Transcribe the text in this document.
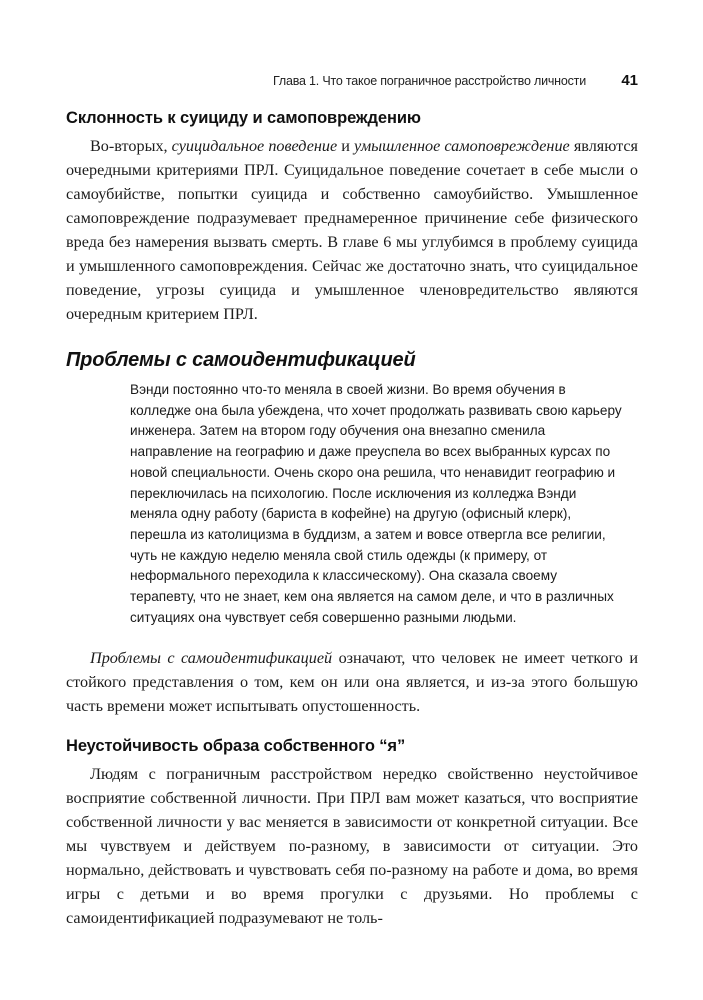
Глава 1. Что такое пограничное расстройство личности 41
Склонность к суициду и самоповреждению

Во-вторых, суицидальное поведение и умышленное самоповреждение являются очередными критериями ПРЛ. Суицидальное поведение сочетает в себе мысли о самоубийстве, попытки суицида и собственно самоубийство. Умышленное самоповреждение подразумевает преднамеренное причинение себе физического вреда без намерения вызвать смерть. В главе 6 мы углубимся в проблему суицида и умышленного самоповреждения. Сейчас же достаточно знать, что суицидальное поведение, угрозы суицида и умышленное членовредительство являются очередным критерием ПРЛ.

Проблемы с самоидентификацией
Вэнди постоянно что-то меняла в своей жизни. Во время обучения в колледже она была убеждена, что хочет продолжать развивать свою карьеру инженера. Затем на втором году обучения она внезапно сменила направление на географию и даже преуспела во всех выбранных курсах по новой специальности. Очень скоро она решила, что ненавидит географию и переключилась на психологию. После исключения из колледжа Вэнди меняла одну работу (бариста в кофейне) на другую (офисный клерк), перешла из католицизма в буддизм, а затем и вовсе отвергла все религии, чуть не каждую неделю меняла свой стиль одежды (к примеру, от неформального переходила к классическому). Она сказала своему терапевту, что не знает, кем она является на самом деле, и что в различных ситуациях она чувствует себя совершенно разными людьми.

Проблемы с самоидентификацией означают, что человек не имеет четкого и стойкого представления о том, кем он или она является, и из-за этого большую часть времени может испытывать опустошенность.

Неустойчивость образа собственного “я”

Людям с пограничным расстройством нередко свойственно неустойчивое восприятие собственной личности. При ПРЛ вам может казаться, что восприятие собственной личности у вас меняется в зависимости от конкретной ситуации. Все мы чувствуем и действуем по-разному, в зависимости от ситуации. Это нормально, действовать и чувствовать себя по-разному на работе и дома, во время игры с детьми и во время прогулки с друзьями. Но проблемы с самоидентификацией подразумевают не толь-
